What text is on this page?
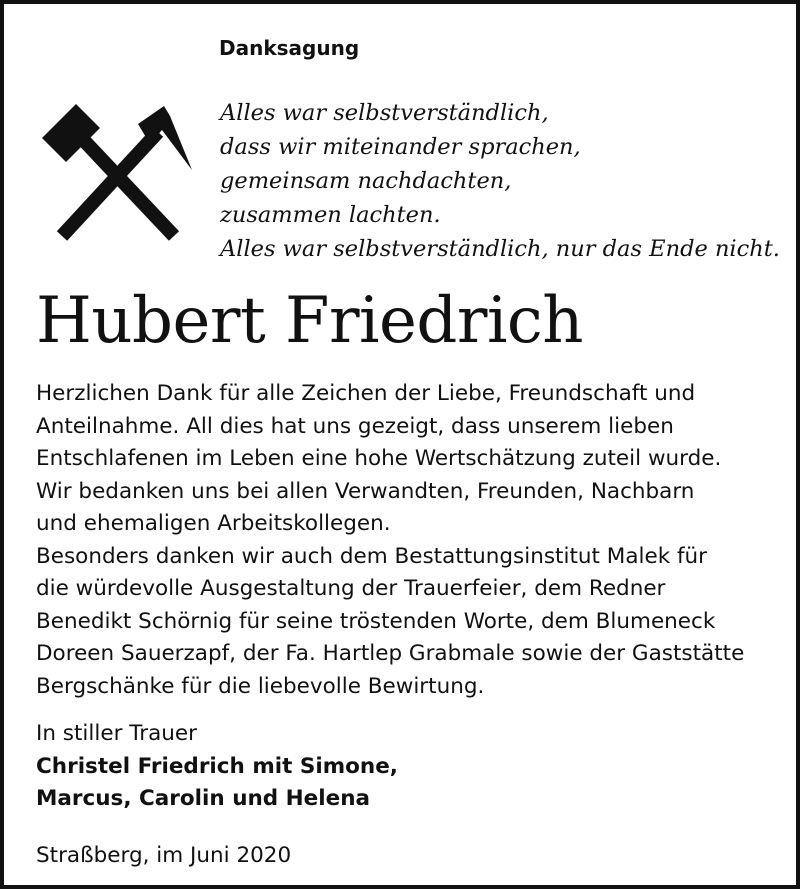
Danksagung
Alles war selbstverständlich,
dass wir miteinander sprachen,
gemeinsam nachdachten,
zusammen lachten.
Alles war selbstverständlich, nur das Ende nicht.
Hubert Friedrich
Herzlichen Dank für alle Zeichen der Liebe, Freundschaft und
Anteilnahme. All dies hat uns gezeigt, dass unserem lieben
Entschlafenen im Leben eine hohe Wertschätzung zuteil wurde.
Wir bedanken uns bei allen Verwandten, Freunden, Nachbarn
und ehemaligen Arbeitskollegen.
Besonders danken wir auch dem Bestattungsinstitut Malek für
die würdevolle Ausgestaltung der Trauerfeier, dem Redner
Benedikt Schörnig für seine tröstenden Worte, dem Blumeneck
Doreen Sauerzapf, der Fa. Hartlep Grabmale sowie der Gaststätte
Bergschänke für die liebevolle Bewirtung.
In stiller Trauer
Christel Friedrich mit Simone,
Marcus, Carolin und Helena
Straßberg, im Juni 2020
